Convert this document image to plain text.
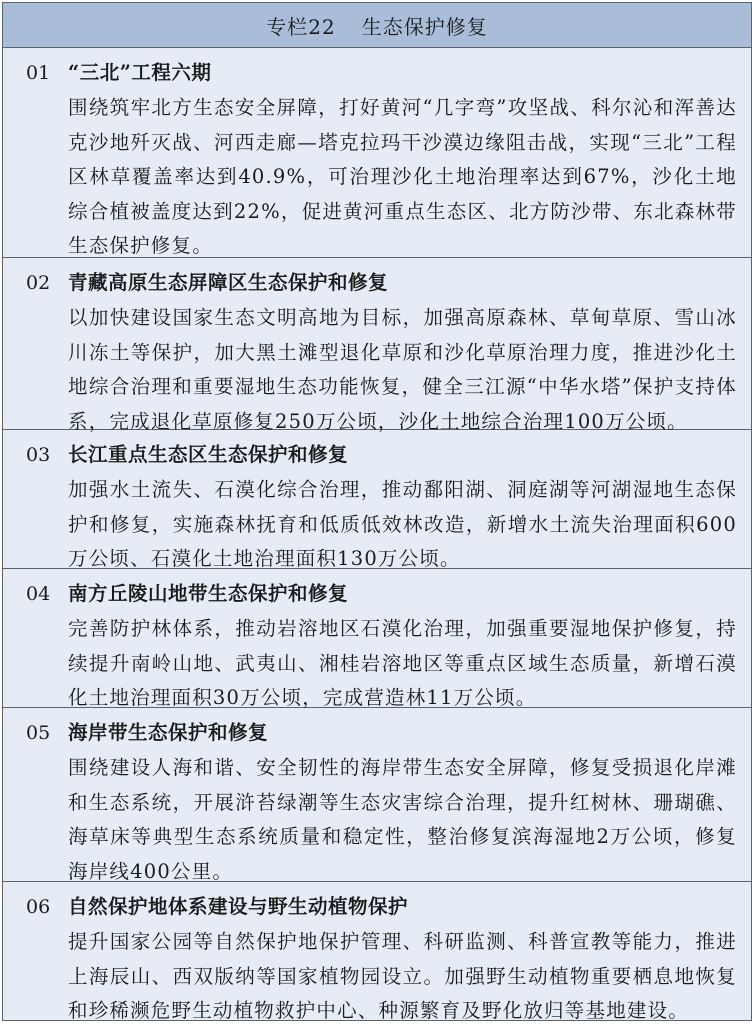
专栏22 生态保护修复
01 “三北”工程六期
围绕筑牢北方生态安全屏障，打好黄河“几字弯”攻坚战、科尔沁和浑善达克沙地歼灭战、河西走廊—塔克拉玛干沙漠边缘阻击战，实现“三北”工程区林草覆盖率达到40.9%，可治理沙化土地治理率达到67%，沙化土地综合植被盖度达到22%，促进黄河重点生态区、北方防沙带、东北森林带生态保护修复。
02 青藏高原生态屏障区生态保护和修复
以加快建设国家生态文明高地为目标，加强高原森林、草甸草原、雪山冰川冻土等保护，加大黑土滩型退化草原和沙化草原治理力度，推进沙化土地综合治理和重要湿地生态功能恢复，健全三江源“中华水塔”保护支持体系，完成退化草原修复250万公顷，沙化土地综合治理100万公顷。
03 长江重点生态区生态保护和修复
加强水土流失、石漠化综合治理，推动鄱阳湖、洞庭湖等河湖湿地生态保护和修复，实施森林抚育和低质低效林改造，新增水土流失治理面积600万公顷、石漠化土地治理面积130万公顷。
04 南方丘陵山地带生态保护和修复
完善防护林体系，推动岩溶地区石漠化治理，加强重要湿地保护修复，持续提升南岭山地、武夷山、湘桂岩溶地区等重点区域生态质量，新增石漠化土地治理面积30万公顷，完成营造林11万公顷。
05 海岸带生态保护和修复
围绕建设人海和谐、安全韧性的海岸带生态安全屏障，修复受损退化岸滩和生态系统，开展浒苔绿潮等生态灾害综合治理，提升红树林、珊瑚礁、海草床等典型生态系统质量和稳定性，整治修复滨海湿地2万公顷，修复海岸线400公里。
06 自然保护地体系建设与野生动植物保护
提升国家公园等自然保护地保护管理、科研监测、科普宣教等能力，推进上海辰山、西双版纳等国家植物园设立。加强野生动植物重要栖息地恢复和珍稀濒危野生动植物救护中心、种源繁育及野化放归等基地建设。
